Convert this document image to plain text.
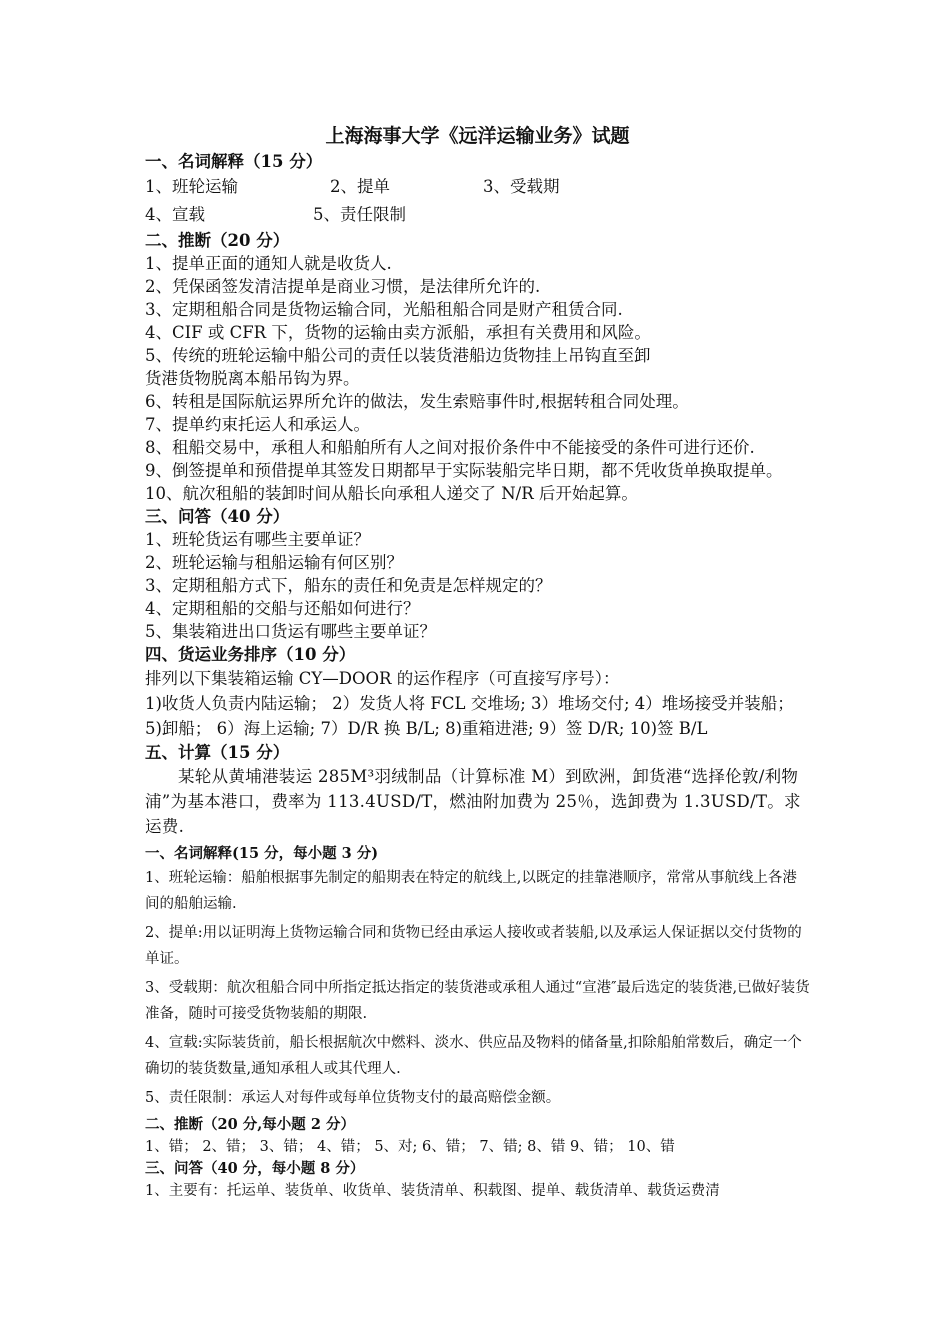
上海海事大学《远洋运输业务》试题

一、名词解释（15 分）

1、班轮运输	2、提单	3、受载期
4、宣载	5、责任限制

二、推断（20 分）

1、提单正面的通知人就是收货人.

2、凭保函签发清洁提单是商业习惯，是法律所允许的.

3、定期租船合同是货物运输合同，光船租船合同是财产租赁合同.

4、CIF 或 CFR 下，货物的运输由卖方派船，承担有关费用和风险。

5、传统的班轮运输中船公司的责任以装货港船边货物挂上吊钩直至卸

货港货物脱离本船吊钩为界。

6、转租是国际航运界所允许的做法，发生索赔事件时,根据转租合同处理。

7、提单约束托运人和承运人。

8、租船交易中，承租人和船舶所有人之间对报价条件中不能接受的条件可进行还价.

9、倒签提单和预借提单其签发日期都早于实际装船完毕日期，都不凭收货单换取提单。

10、航次租船的装卸时间从船长向承租人递交了 N/R 后开始起算。

三、问答（40 分）

1、班轮货运有哪些主要单证？

2、班轮运输与租船运输有何区别？

3、定期租船方式下，船东的责任和免责是怎样规定的？

4、定期租船的交船与还船如何进行？

5、集装箱进出口货运有哪些主要单证？

四、货运业务排序（10 分）

排列以下集装箱运输 CY—DOOR 的运作程序（可直接写序号）：

1)收货人负责内陆运输； 2）发货人将 FCL 交堆场; 3）堆场交付; 4）堆场接受并装船； 5)卸船； 6）海上运输; 7）D/R 换 B/L; 8)重箱进港; 9）签 D/R; 10)签 B/L

五、计算（15 分）

某轮从黄埔港装运 285M³羽绒制品（计算标准 M）到欧洲，卸货港“选择伦敦/利物浦”为基本港口，费率为 113.4USD/T，燃油附加费为 25％，选卸费为 1.3USD/T。求运费.

一、名词解释(15 分，每小题 3 分)

1、班轮运输：船舶根据事先制定的船期表在特定的航线上,以既定的挂靠港顺序，常常从事航线上各港间的船舶运输.

2、提单:用以证明海上货物运输合同和货物已经由承运人接收或者装船,以及承运人保证据以交付货物的单证。

3、受载期：航次租船合同中所指定抵达指定的装货港或承租人通过“宣港″最后选定的装货港,已做好装货准备，随时可接受货物装船的期限.

4、宣载:实际装货前，船长根据航次中燃料、淡水、供应品及物料的储备量,扣除船舶常数后，确定一个确切的装货数量,通知承租人或其代理人.

5、责任限制：承运人对每件或每单位货物支付的最高赔偿金额。

二、推断（20 分,每小题 2 分）

1、错； 2、错； 3、错； 4、错； 5、对; 6、错； 7、错; 8、错 9、错； 10、错

三、问答（40 分，每小题 8 分）

1、主要有：托运单、装货单、收货单、装货清单、积载图、提单、载货清单、载货运费清
